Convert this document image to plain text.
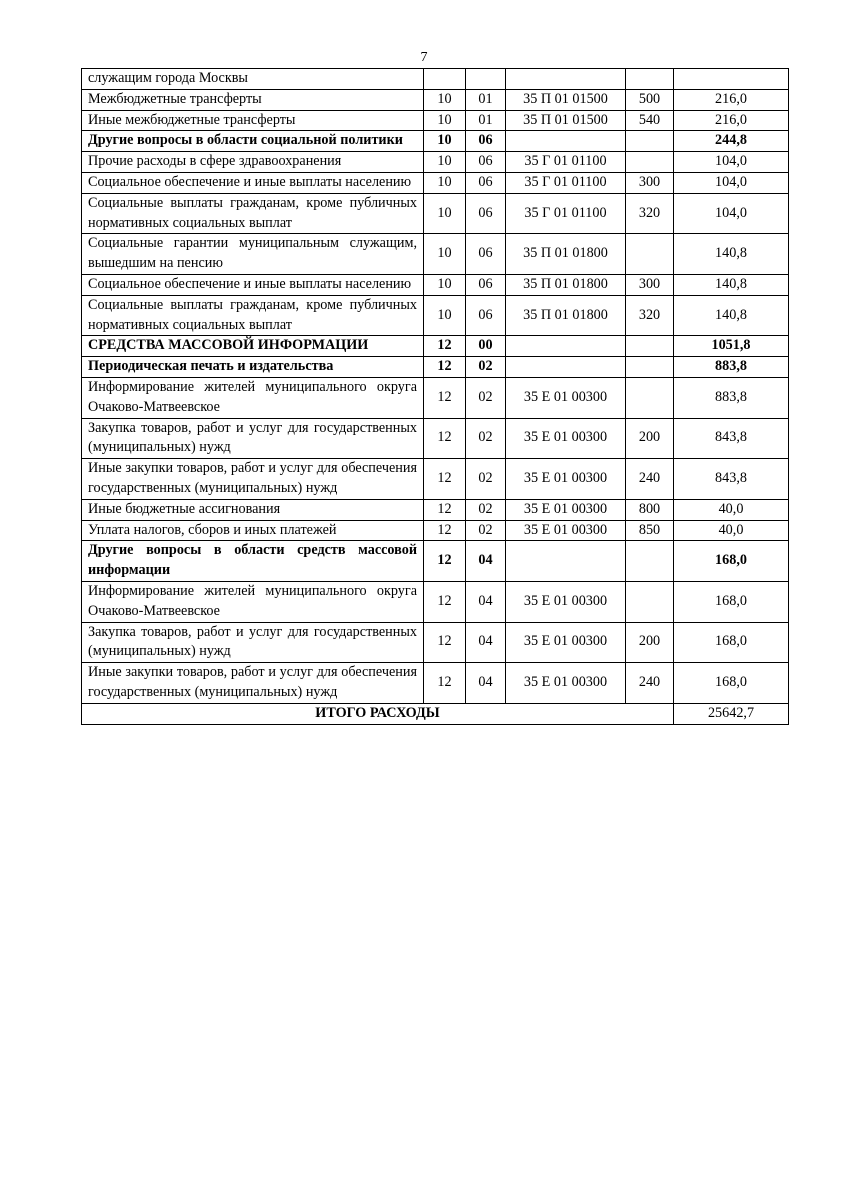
7
служащим города Москвы					
Межбюджетные трансферты	10	01	35 П 01 01500	500	216,0
Иные межбюджетные трансферты	10	01	35 П 01 01500	540	216,0
Другие вопросы в области социальной политики	10	06			244,8
Прочие расходы в сфере здравоохранения	10	06	35 Г 01 01100		104,0
Социальное обеспечение и иные выплаты населению	10	06	35 Г 01 01100	300	104,0
Социальные выплаты гражданам, кроме публичных нормативных социальных выплат	10	06	35 Г 01 01100	320	104,0
Социальные гарантии муниципальным служащим, вышедшим на пенсию	10	06	35 П 01 01800		140,8
Социальное обеспечение и иные выплаты населению	10	06	35 П 01 01800	300	140,8
Социальные выплаты гражданам, кроме публичных нормативных социальных выплат	10	06	35 П 01 01800	320	140,8
СРЕДСТВА МАССОВОЙ ИНФОРМАЦИИ	12	00			1051,8
Периодическая печать и издательства	12	02			883,8
Информирование жителей муниципального округа Очаково-Матвеевское	12	02	35 Е 01 00300		883,8
Закупка товаров, работ и услуг для государственных (муниципальных) нужд	12	02	35 Е 01 00300	200	843,8
Иные закупки товаров, работ и услуг для обеспечения государственных (муниципальных) нужд	12	02	35 Е 01 00300	240	843,8
Иные бюджетные ассигнования	12	02	35 Е 01 00300	800	40,0
Уплата налогов, сборов и иных платежей	12	02	35 Е 01 00300	850	40,0
Другие вопросы в области средств массовой информации	12	04			168,0
Информирование жителей муниципального округа Очаково-Матвеевское	12	04	35 Е 01 00300		168,0
Закупка товаров, работ и услуг для государственных (муниципальных) нужд	12	04	35 Е 01 00300	200	168,0
Иные закупки товаров, работ и услуг для обеспечения государственных (муниципальных) нужд	12	04	35 Е 01 00300	240	168,0
ИТОГО РАСХОДЫ					25642,7
